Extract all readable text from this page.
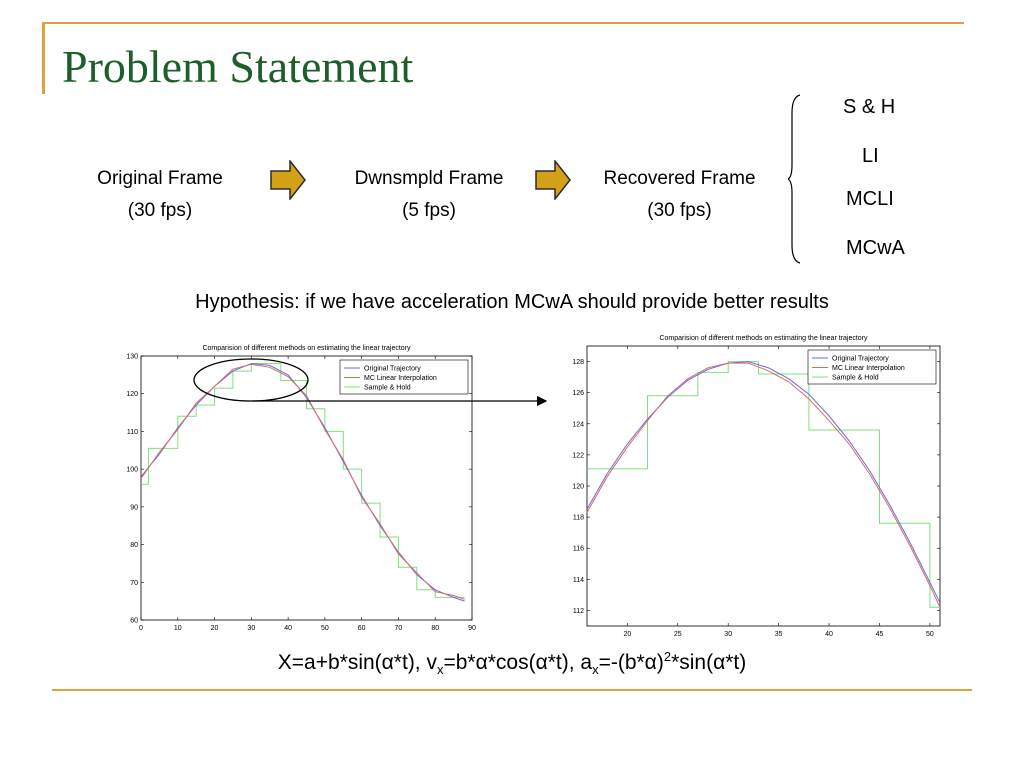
Problem Statement
Original Frame
(30 fps)
Dwnsmpld Frame
(5 fps)
Recovered Frame
(30 fps)
S & H
LI
MCLI
MCwA
Hypothesis: if we have acceleration MCwA should provide better results
Comparision of different methods on estimating the linear trajectory
0	10	20	30	40	50	60	70	80	90
60
70
80
90
100
110
120
130
Original Trajectory
MC Linear Interpolation
Sample & Hold
Comparision of different methods on estimating the linear trajectory
20	25	30	35	40	45	50
112
114
116
118
120
122
124
126
128
Original Trajectory
MC Linear Interpolation
Sample & Hold
X=a+b*sin(α*t), $v_x=b*\alpha*\cos(\alpha*t)$, $a_x=-(b*\alpha)^2*\sin(\alpha*t)$
